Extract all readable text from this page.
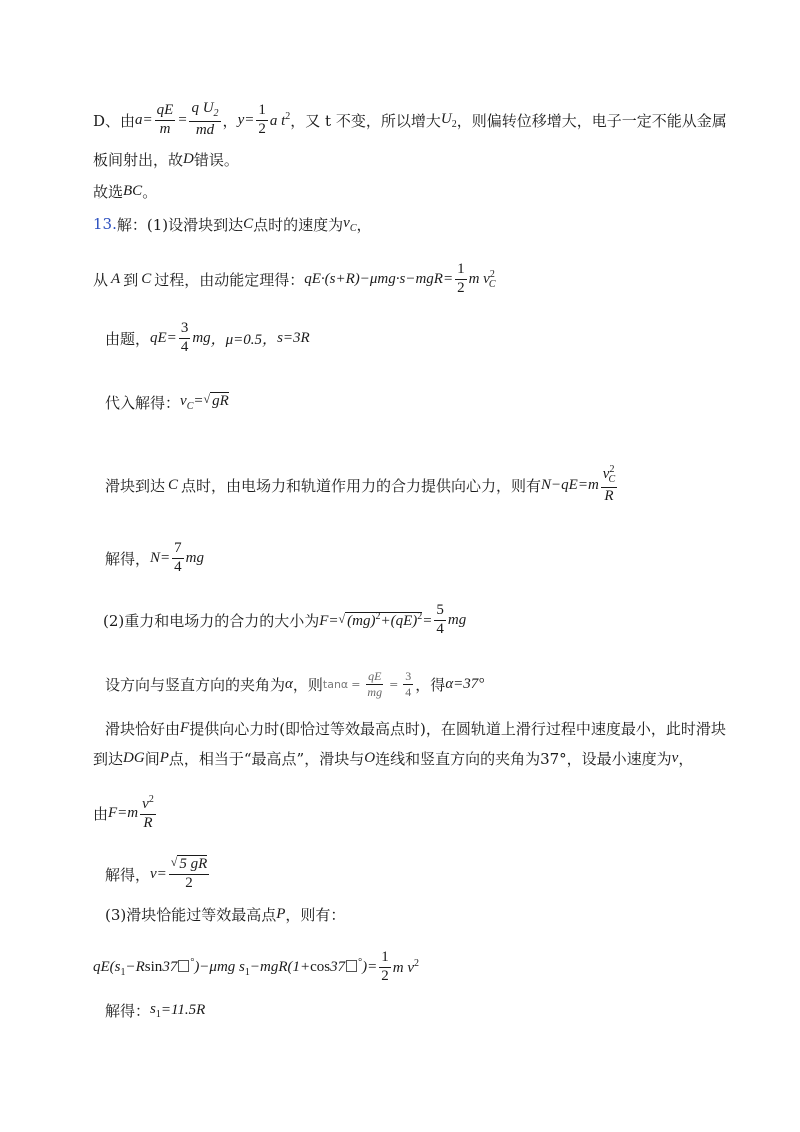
D、由 $a= \frac{qE}{m} = \frac{q U_2}{md}$ ， $y= \frac{1}{2}$ a $t^2$ ，又 t 不变，所以增大 $U_2$ ，则偏转位移增大，电子一定不能从金属
板间射出，故 D 错误。
故选 BC 。
13. 解：(1)设滑块到达 C 点时的速度为 $v_C$ ，
从 A 到 C 过程，由动能定理得： $qE\cdot(s+R)-\mu mg\cdot s-mgR= \frac{1}{2}$ m $v^2_C$
由题， $qE= \frac{3}{4}$ mg ，μ=0.5， s=3R
代入解得： $v_C=√$ gR
滑块到达 C 点时，由电场力和轨道作用力的合力提供向心力，则有 $N-qE=m \frac{v^2_C}{R}$
解得， $N= \frac{7}{4}$ mg
(2)重力和电场力的合力的大小为 F=√ $(mg)^2+(qE)^2= \frac{5}{4}$ mg
设方向与竖直方向的夹角为 α ，则 $\tan\alpha = \frac{qE}{mg} = \frac{3}{4}$ ，得 α=37°
滑块恰好由 F 提供向心力时(即恰过等效最高点时)，在圆轨道上滑行过程中速度最小，此时滑块
到达 DG 间 P 点，相当于“最高点”，滑块与 O 连线和竖直方向的夹角为37°，设最小速度为 v ，
由 $F=m \frac{v^2}{R}$
解得， $v= \frac{√ 5 gR}{2}$
(3)滑块恰能过等效最高点 P ，则有：
$qE(s_1-Rsin37$ °)−μmg $s_1-mgR(1+\cos 37$ $^\circ)= \frac{1}{2}$ m $v^2$
解得： $s_1 =11.5R$
